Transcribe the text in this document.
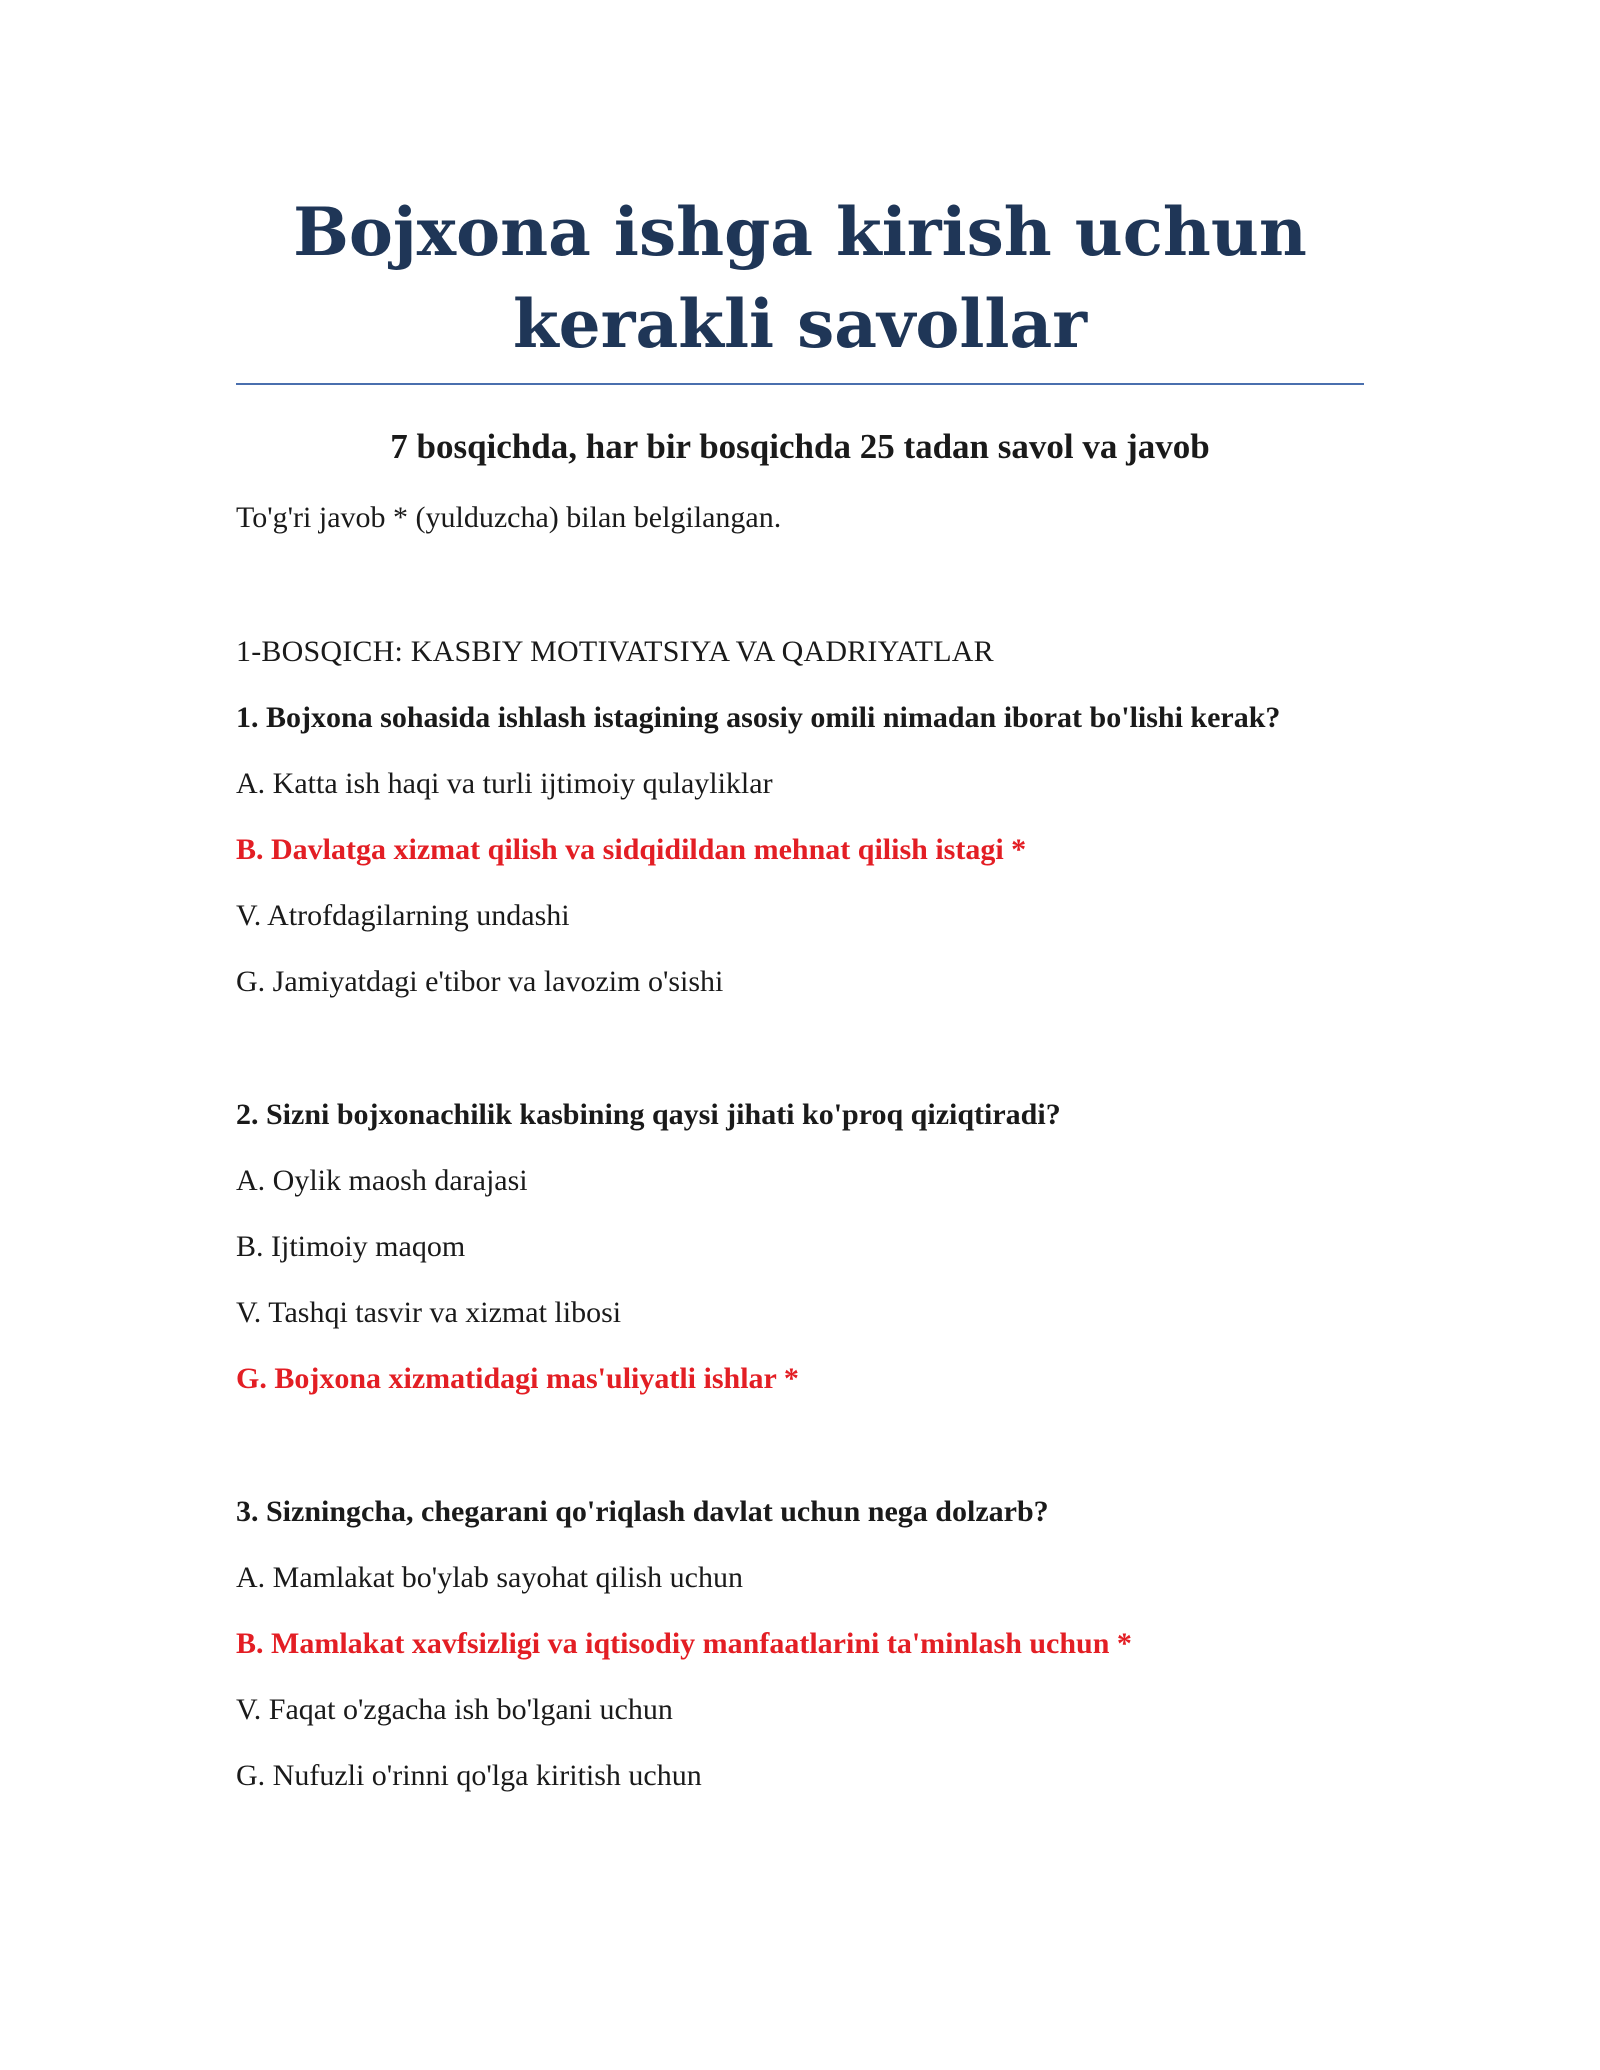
Bojxona ishga kirish uchun kerakli savollar
7 bosqichda, har bir bosqichda 25 tadan savol va javob
To'g'ri javob * (yulduzcha) bilan belgilangan.
1-BOSQICH: KASBIY MOTIVATSIYA VA QADRIYATLAR
1. Bojxona sohasida ishlash istagining asosiy omili nimadan iborat bo'lishi kerak?
A. Katta ish haqi va turli ijtimoiy qulayliklar
B. Davlatga xizmat qilish va sidqidildan mehnat qilish istagi *
V. Atrofdagilarning undashi
G. Jamiyatdagi e'tibor va lavozim o'sishi
2. Sizni bojxonachilik kasbining qaysi jihati ko'proq qiziqtiradi?
A. Oylik maosh darajasi
B. Ijtimoiy maqom
V. Tashqi tasvir va xizmat libosi
G. Bojxona xizmatidagi mas'uliyatli ishlar *
3. Sizningcha, chegarani qo'riqlash davlat uchun nega dolzarb?
A. Mamlakat bo'ylab sayohat qilish uchun
B. Mamlakat xavfsizligi va iqtisodiy manfaatlarini ta'minlash uchun *
V. Faqat o'zgacha ish bo'lgani uchun
G. Nufuzli o'rinni qo'lga kiritish uchun
